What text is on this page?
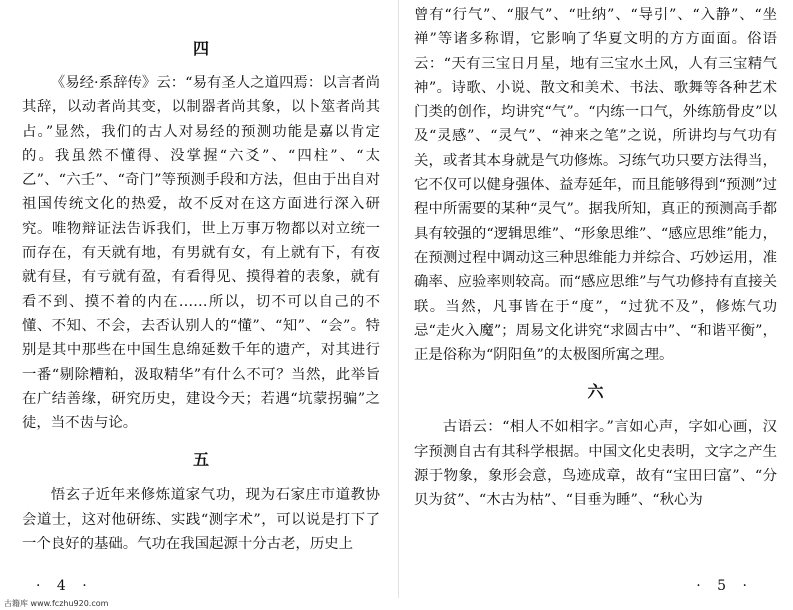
四

《易经·系辞传》云：“易有圣人之道四焉：以言者尚其辞，以动者尚其变，以制器者尚其象，以卜筮者尚其占。”显然，我们的古人对易经的预测功能是嘉以肯定的。我虽然不懂得、没掌握“六爻”、“四柱”、“太乙”、“六壬”、“奇门”等预测手段和方法，但由于出自对祖国传统文化的热爱，故不反对在这方面进行深入研究。唯物辩证法告诉我们，世上万事万物都以对立统一而存在，有天就有地，有男就有女，有上就有下，有夜就有昼，有亏就有盈，有看得见、摸得着的表象，就有看不到、摸不着的内在……所以，切不可以自己的不懂、不知、不会，去否认别人的“懂”、“知”、“会”。特别是其中那些在中国生息绵延数千年的遗产，对其进行一番“剔除糟粕，汲取精华”有什么不可？当然，此举旨在广结善缘，研究历史，建设今天；若遇“坑蒙拐骗”之徒，当不齿与论。

五

悟玄子近年来修炼道家气功，现为石家庄市道教协会道士，这对他研练、实践“测字术”，可以说是打下了一个良好的基础。气功在我国起源十分古老，历史上

· 4 ·

曾有“行气”、“服气”、“吐纳”、“导引”、“入静”、“坐禅”等诸多称谓，它影响了华夏文明的方方面面。俗语云：“天有三宝日月星，地有三宝水土风，人有三宝精气神”。诗歌、小说、散文和美术、书法、歌舞等各种艺术门类的创作，均讲究“气”。“内练一口气，外练筋骨皮”以及“灵感”、“灵气”、“神来之笔”之说，所讲均与气功有关，或者其本身就是气功修炼。习练气功只要方法得当，它不仅可以健身强体、益寿延年，而且能够得到“预测”过程中所需要的某种“灵气”。据我所知，真正的预测高手都具有较强的“逻辑思维”、“形象思维”、“感应思维”能力，在预测过程中调动这三种思维能力并综合、巧妙运用，准确率、应验率则较高。而“感应思维”与气功修持有直接关联。当然，凡事皆在于“度”，“过犹不及”，修炼气功忌“走火入魔”；周易文化讲究“求圆古中”、“和谐平衡”，正是俗称为“阴阳鱼”的太极图所寓之理。

六

古语云：“相人不如相字。”言如心声，字如心画，汉字预测自古有其科学根据。中国文化史表明，文字之产生源于物象，象形会意，鸟迹成章，故有“宝田曰富”、“分贝为贫”、“木古为枯”、“目垂为睡”、“秋心为

· 5 ·
古籍库 www.fczhu920.com
